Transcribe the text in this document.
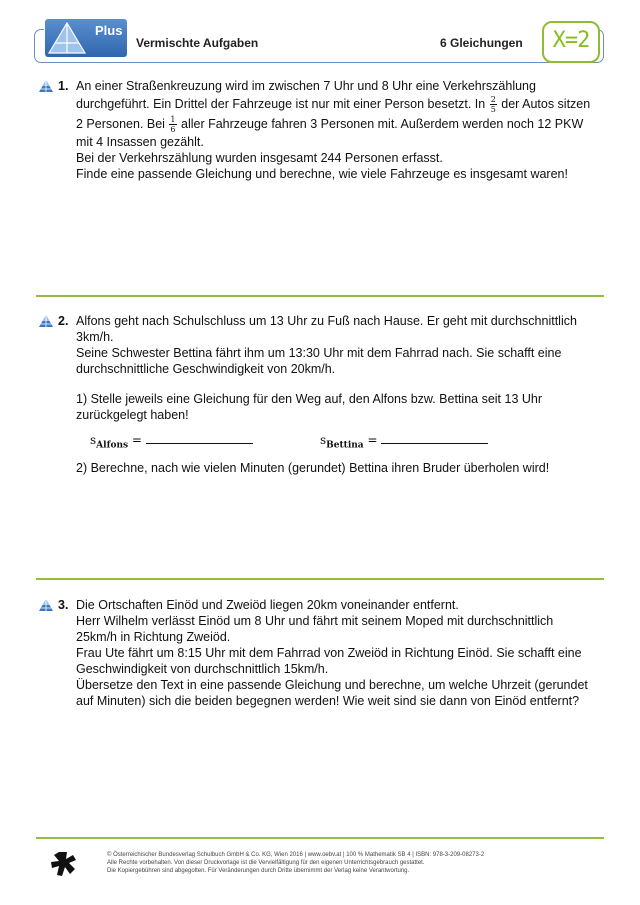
Plus
Vermischte Aufgaben	6 Gleichungen	X=2
1. An einer Straßenkreuzung wird im zwischen 7 Uhr und 8 Uhr eine Verkehrszählung

durchgeführt. Ein Drittel der Fahrzeuge ist nur mit einer Person besetzt. In $\frac{2}{5}$ der Autos sitzen

2 Personen. Bei $\frac{1}{6}$ aller Fahrzeuge fahren 3 Personen mit. Außerdem werden noch 12 PKW

mit 4 Insassen gezählt.

Bei der Verkehrszählung wurden insgesamt 244 Personen erfasst.

Finde eine passende Gleichung und berechne, wie viele Fahrzeuge es insgesamt waren!

2. Alfons geht nach Schulschluss um 13 Uhr zu Fuß nach Hause. Er geht mit durchschnittlich

3km/h.

Seine Schwester Bettina fährt ihm um 13:30 Uhr mit dem Fahrrad nach. Sie schafft eine

durchschnittliche Geschwindigkeit von 20km/h.

1) Stelle jeweils eine Gleichung für den Weg auf, den Alfons bzw. Bettina seit 13 Uhr

zurückgelegt haben!

$s_{Alfons}$ =	$s_{Bettina}$ =

2) Berechne, nach wie vielen Minuten (gerundet) Bettina ihren Bruder überholen wird!

3. Die Ortschaften Einöd und Zweiöd liegen 20km voneinander entfernt.

Herr Wilhelm verlässt Einöd um 8 Uhr und fährt mit seinem Moped mit durchschnittlich

25km/h in Richtung Zweiöd.

Frau Ute fährt um 8:15 Uhr mit dem Fahrrad von Zweiöd in Richtung Einöd. Sie schafft eine

Geschwindigkeit von durchschnittlich 15km/h.

Übersetze den Text in eine passende Gleichung und berechne, um welche Uhrzeit (gerundet

auf Minuten) sich die beiden begegnen werden! Wie weit sind sie dann von Einöd entfernt?

© Österreichischer Bundesverlag Schulbuch GmbH & Co. KG, Wien 2016 | www.oebv.at | 100 % Mathematik SB 4 | ISBN: 978-3-209-08273-2

Alle Rechte vorbehalten. Von dieser Druckvorlage ist die Vervielfältigung für den eigenen Unterrichtsgebrauch gestattet.

Die Kopiergebühren sind abgegolten. Für Veränderungen durch Dritte übernimmt der Verlag keine Verantwortung.
